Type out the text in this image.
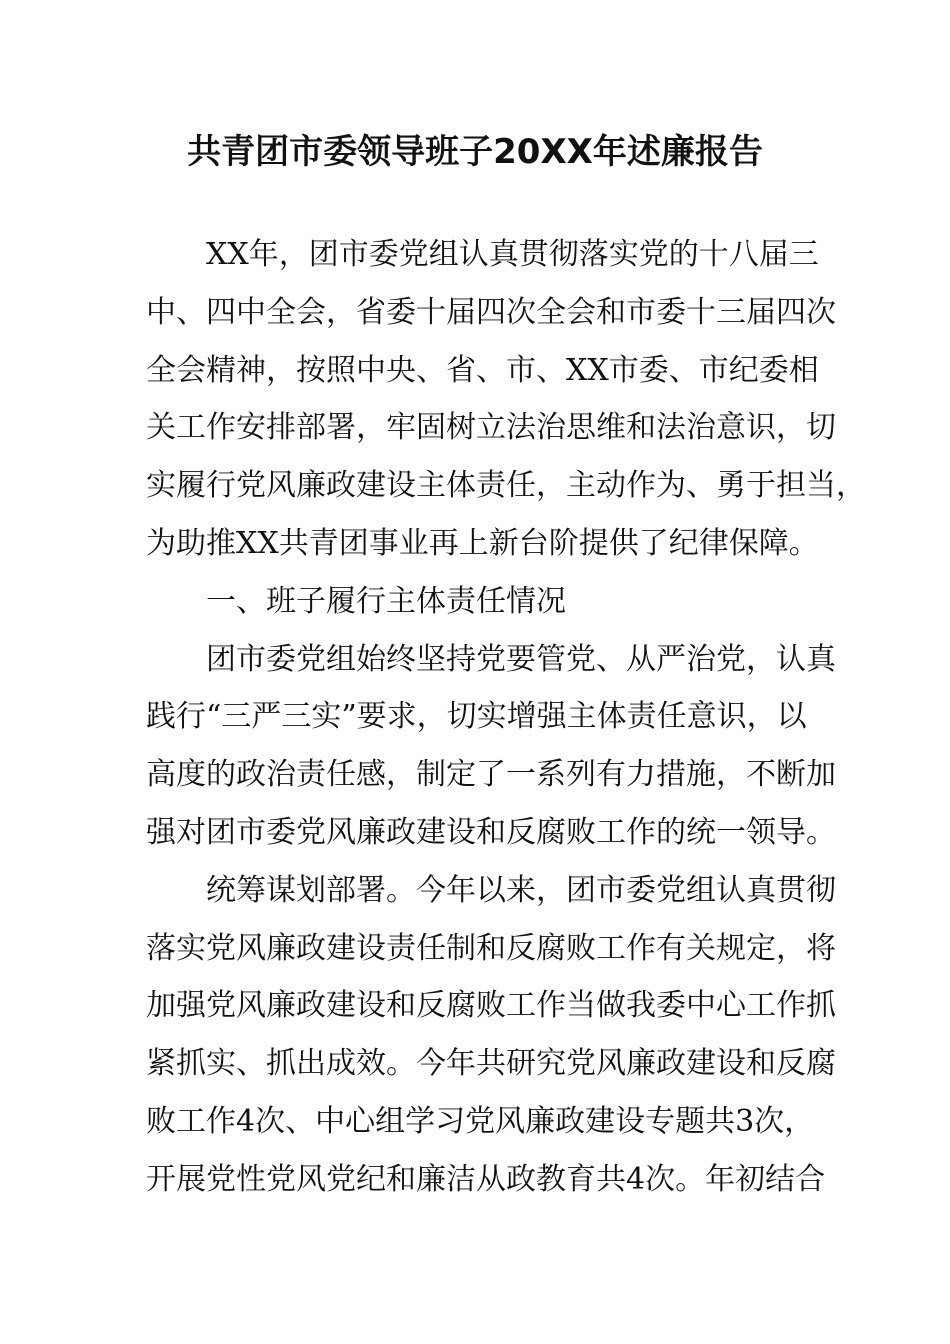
共青团市委领导班子20XX年述廉报告
XX年，团市委党组认真贯彻落实党的十八届三
中、四中全会，省委十届四次全会和市委十三届四次
全会精神，按照中央、省、市、XX市委、市纪委相
关工作安排部署，牢固树立法治思维和法治意识，切
实履行党风廉政建设主体责任，主动作为、勇于担当，
为助推XX共青团事业再上新台阶提供了纪律保障。
一、班子履行主体责任情况
团市委党组始终坚持党要管党、从严治党，认真
践行“三严三实”要求，切实增强主体责任意识，以
高度的政治责任感，制定了一系列有力措施，不断加
强对团市委党风廉政建设和反腐败工作的统一领导。
统筹谋划部署。今年以来，团市委党组认真贯彻
落实党风廉政建设责任制和反腐败工作有关规定，将
加强党风廉政建设和反腐败工作当做我委中心工作抓
紧抓实、抓出成效。今年共研究党风廉政建设和反腐
败工作4次、中心组学习党风廉政建设专题共3次，
开展党性党风党纪和廉洁从政教育共4次。年初结合
